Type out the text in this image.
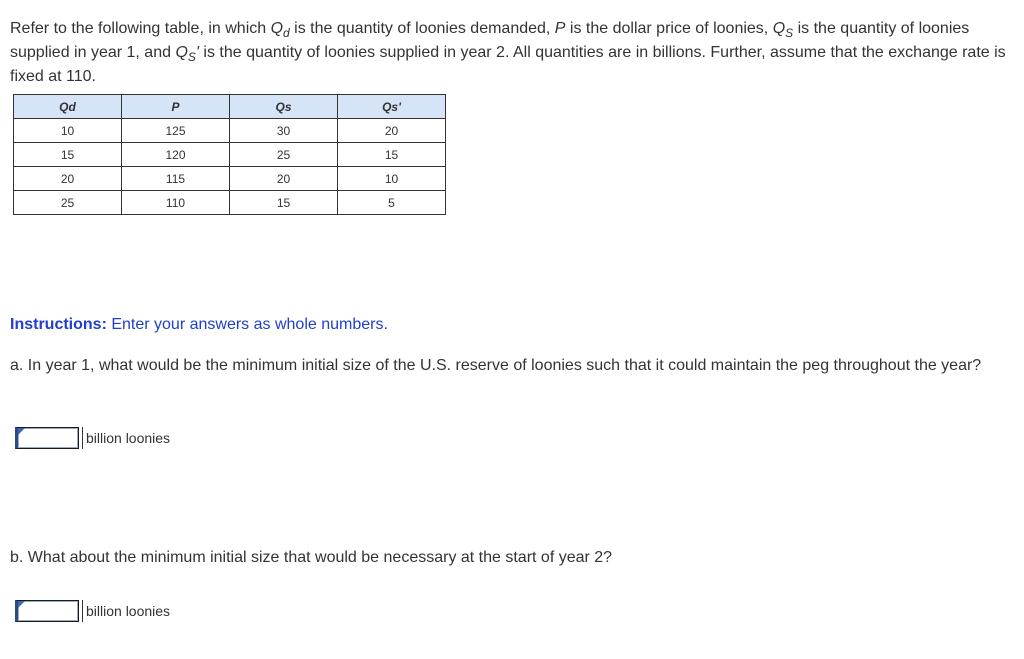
Refer to the following table, in which $Q_d$ is the quantity of loonies demanded, P is the dollar price of loonies, $Q_S$ is the quantity of loonies supplied in year 1, and $Q_S'$ is the quantity of loonies supplied in year 2. All quantities are in billions. Further, assume that the exchange rate is fixed at 110.

Qd	P	Qs	Qs'
10	125	30	20
15	120	25	15
20	115	20	10
25	110	15	5

Instructions: Enter your answers as whole numbers.

a. In year 1, what would be the minimum initial size of the U.S. reserve of loonies such that it could maintain the peg throughout the year?

billion loonies

b. What about the minimum initial size that would be necessary at the start of year 2?

billion loonies
